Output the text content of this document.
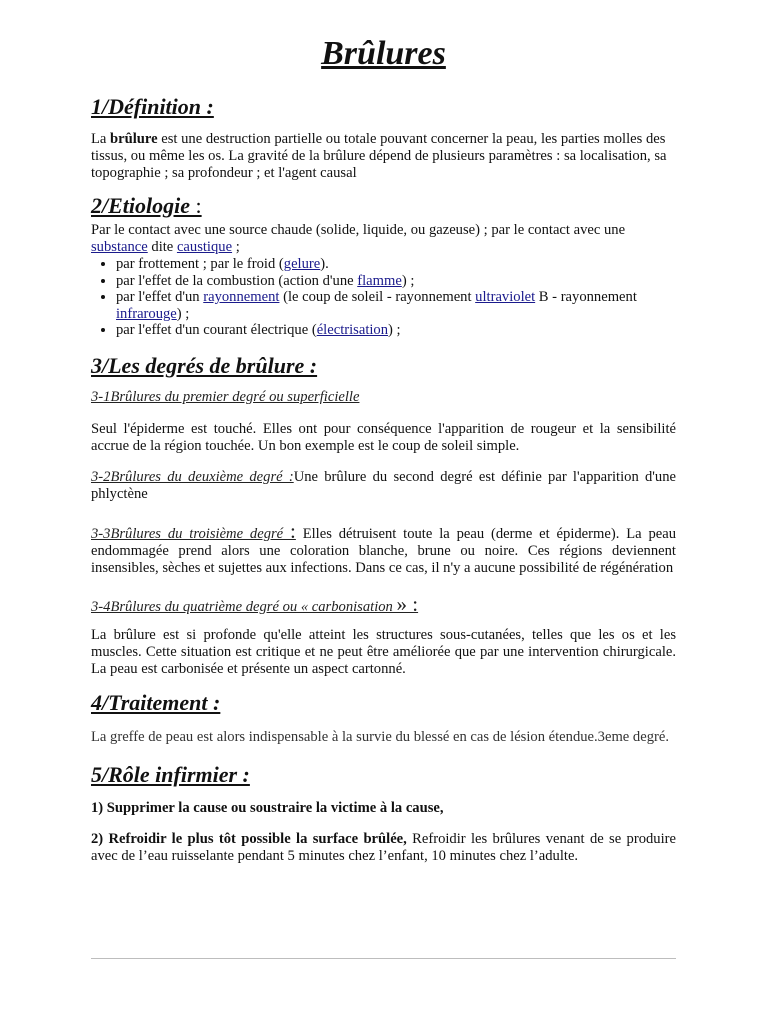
Brûlures
1/Définition :

La brûlure est une destruction partielle ou totale pouvant concerner la peau, les parties molles des tissus, ou même les os. La gravité de la brûlure dépend de plusieurs paramètres : sa localisation, sa topographie ; sa profondeur ; et l'agent causal

2/Etiologie :

Par le contact avec une source chaude (solide, liquide, ou gazeuse) ; par le contact avec une substance dite caustique ;

• par frottement ; par le froid (gelure).
• par l'effet de la combustion (action d'une flamme) ;
• par l'effet d'un rayonnement (le coup de soleil - rayonnement ultraviolet B - rayonnement infrarouge) ;
• par l'effet d'un courant électrique (électrisation) ;
3/Les degrés de brûlure :

3-1Brûlures du premier degré ou superficielle

Seul l'épiderme est touché. Elles ont pour conséquence l'apparition de rougeur et la sensibilité accrue de la région touchée. Un bon exemple est le coup de soleil simple.

3-2Brûlures du deuxième degré :Une brûlure du second degré est définie par l'apparition d'une phlyctène

3-3Brûlures du troisième degré : Elles détruisent toute la peau (derme et épiderme). La peau endommagée prend alors une coloration blanche, brune ou noire. Ces régions deviennent insensibles, sèches et sujettes aux infections. Dans ce cas, il n'y a aucune possibilité de régénération

3-4Brûlures du quatrième degré ou « carbonisation » :

La brûlure est si profonde qu'elle atteint les structures sous-cutanées, telles que les os et les muscles. Cette situation est critique et ne peut être améliorée que par une intervention chirurgicale. La peau est carbonisée et présente un aspect cartonné.

4/Traitement :

La greffe de peau est alors indispensable à la survie du blessé en cas de lésion étendue.3eme degré.

5/Rôle infirmier :

1) Supprimer la cause ou soustraire la victime à la cause,

2) Refroidir le plus tôt possible la surface brûlée, Refroidir les brûlures venant de se produire avec de l’eau ruisselante pendant 5 minutes chez l’enfant, 10 minutes chez l’adulte.
